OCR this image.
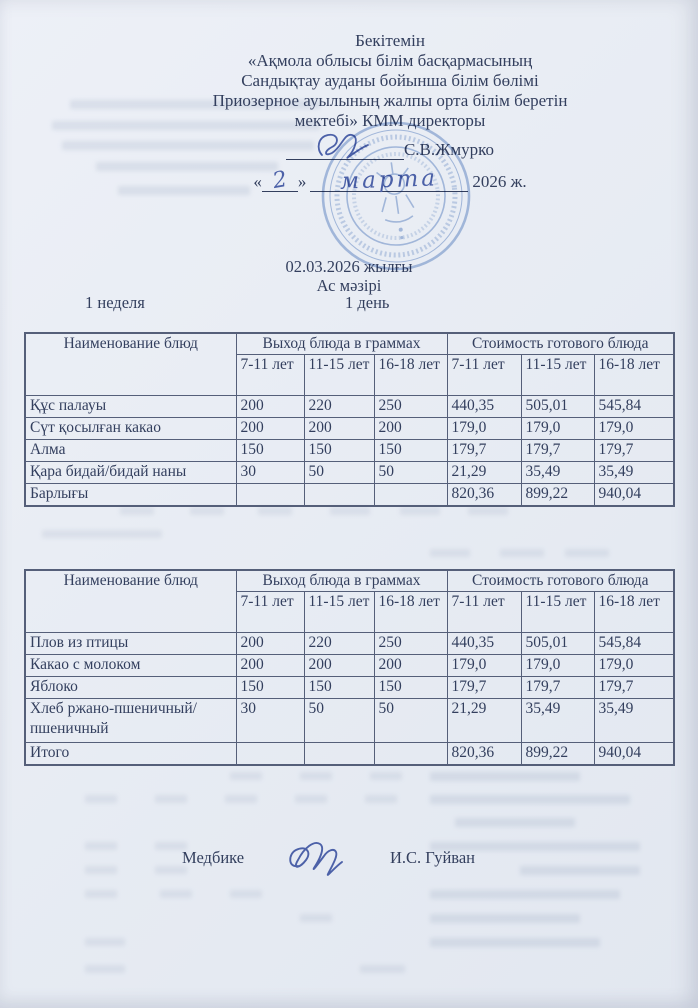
Бекітемін
«Ақмола облысы білім басқармасының
Сандықтау ауданы бойынша білім бөлімі
Приозерное ауылының жалпы орта білім беретін
мектебі» КММ директоры
С.В.Жмурко
« 2 » марта 2026 ж.
02.03.2026 жылғы
Ас мәзірі
1 неделя	1 день
Наименование блюд	Выход блюда в граммах			Стоимость готового блюда		
	7-11 лет	11-15 лет	16-18 лет	7-11 лет	11-15 лет	16-18 лет
Құс палауы	200	220	250	440,35	505,01	545,84
Сүт қосылған какао	200	200	200	179,0	179,0	179,0
Алма	150	150	150	179,7	179,7	179,7
Қара бидай/бидай наны	30	50	50	21,29	35,49	35,49
Барлығы				820,36	899,22	940,04
Наименование блюд	Выход блюда в граммах			Стоимость готового блюда		
	7-11 лет	11-15 лет	16-18 лет	7-11 лет	11-15 лет	16-18 лет
Плов из птицы	200	220	250	440,35	505,01	545,84
Какао с молоком	200	200	200	179,0	179,0	179,0
Яблоко	150	150	150	179,7	179,7	179,7
Хлеб ржано-пшеничный/пшеничный	30	50	50	21,29	35,49	35,49
Итого				820,36	899,22	940,04
Медбике	И.С. Гуйван
